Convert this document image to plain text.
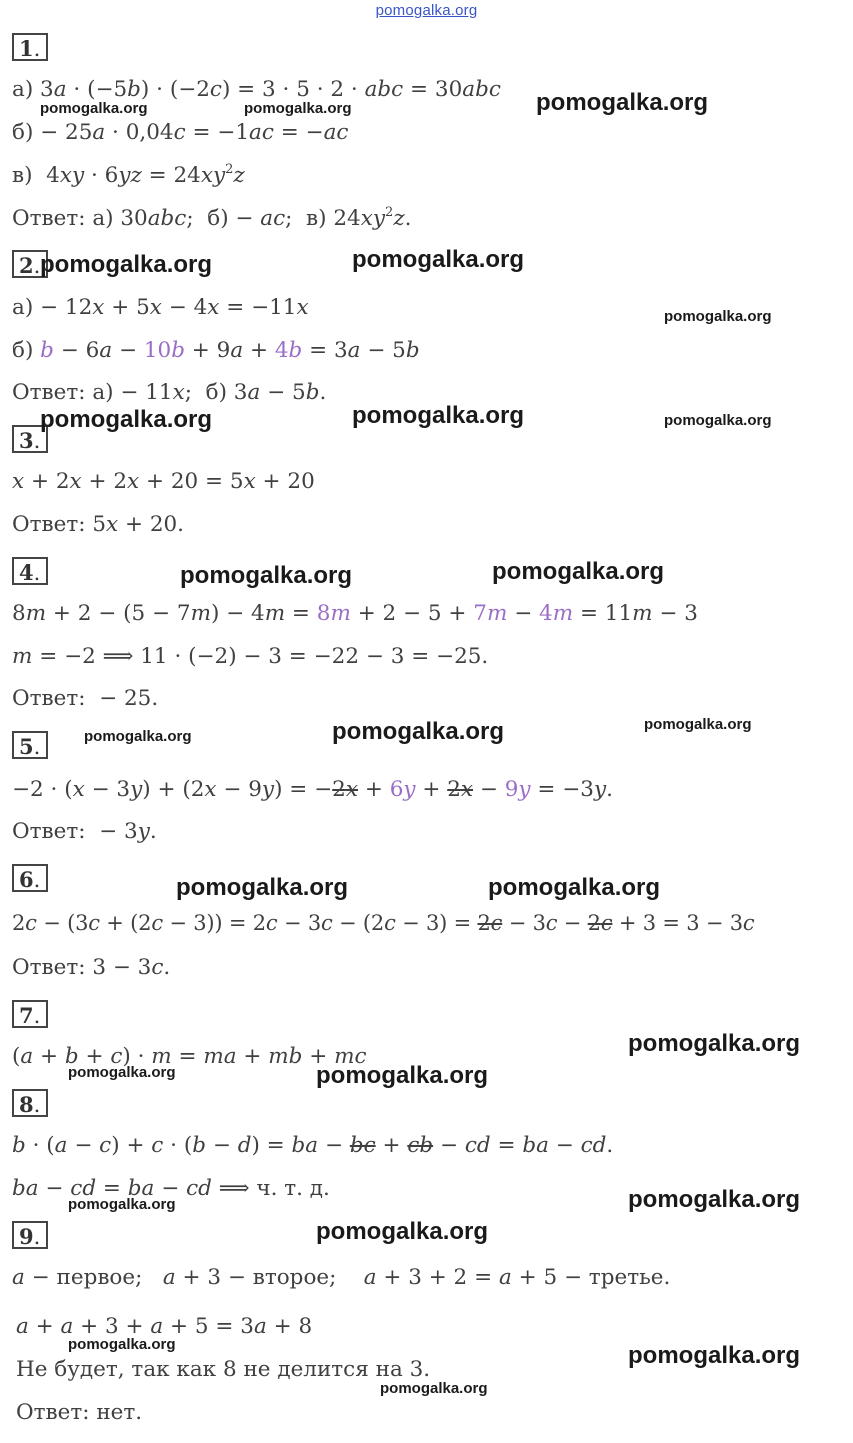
pomogalka.org
1.
а) 3a · (−5b) · (−2c) = 3 · 5 · 2 · abc = 30abc
б) − 25a · 0,04c = −1ac = −ac
в)  $4xy \cdot 6yz = 24xy^2z$
Ответ: а) 30abc;  б) − ac;  в) $24xy^2z$.
2.
а) − 12x + 5x − 4x = −11x
б) b − 6a − 10b + 9a + 4b = 3a − 5b
Ответ: а) − 11x;  б) 3a − 5b.
3.
x + 2x + 2x + 20 = 5x + 20
Ответ: 5x + 20.
4.
8m + 2 − (5 − 7m) − 4m = 8m + 2 − 5 + 7m − 4m = 11m − 3
m = −2 ⟹ 11 · (−2) − 3 = −22 − 3 = −25.
Ответ:  − 25.
5.
−2 · (x − 3y) + (2x − 9y) = −2x + 6y + 2x − 9y = −3y.
Ответ:  − 3y.
6.
2c − (3c + (2c − 3)) = 2c − 3c − (2c − 3) = 2c − 3c − 2c + 3 = 3 − 3c
Ответ: 3 − 3c.
7.
(a + b + c) · m = ma + mb + mc
8.
b · (a − c) + c · (b − d) = ba − bc + cb − cd = ba − cd.
ba − cd = ba − cd ⟹ ч. т. д.
9.
a − первое;   a + 3 − второе;    a + 3 + 2 = a + 5 − третье.
a + a + 3 + a + 5 = 3a + 8
Не будет, так как 8 не делится на 3.
Ответ: нет.
pomogalka.org
pomogalka.org	pomogalka.org
pomogalka.org	pomogalka.org
pomogalka.org
pomogalka.org	pomogalka.org	pomogalka.org
pomogalka.org	pomogalka.org
pomogalka.org	pomogalka.org	pomogalka.org
pomogalka.org	pomogalka.org
pomogalka.org
pomogalka.org	pomogalka.org
pomogalka.org
pomogalka.org
pomogalka.org
pomogalka.org	pomogalka.org
pomogalka.org
